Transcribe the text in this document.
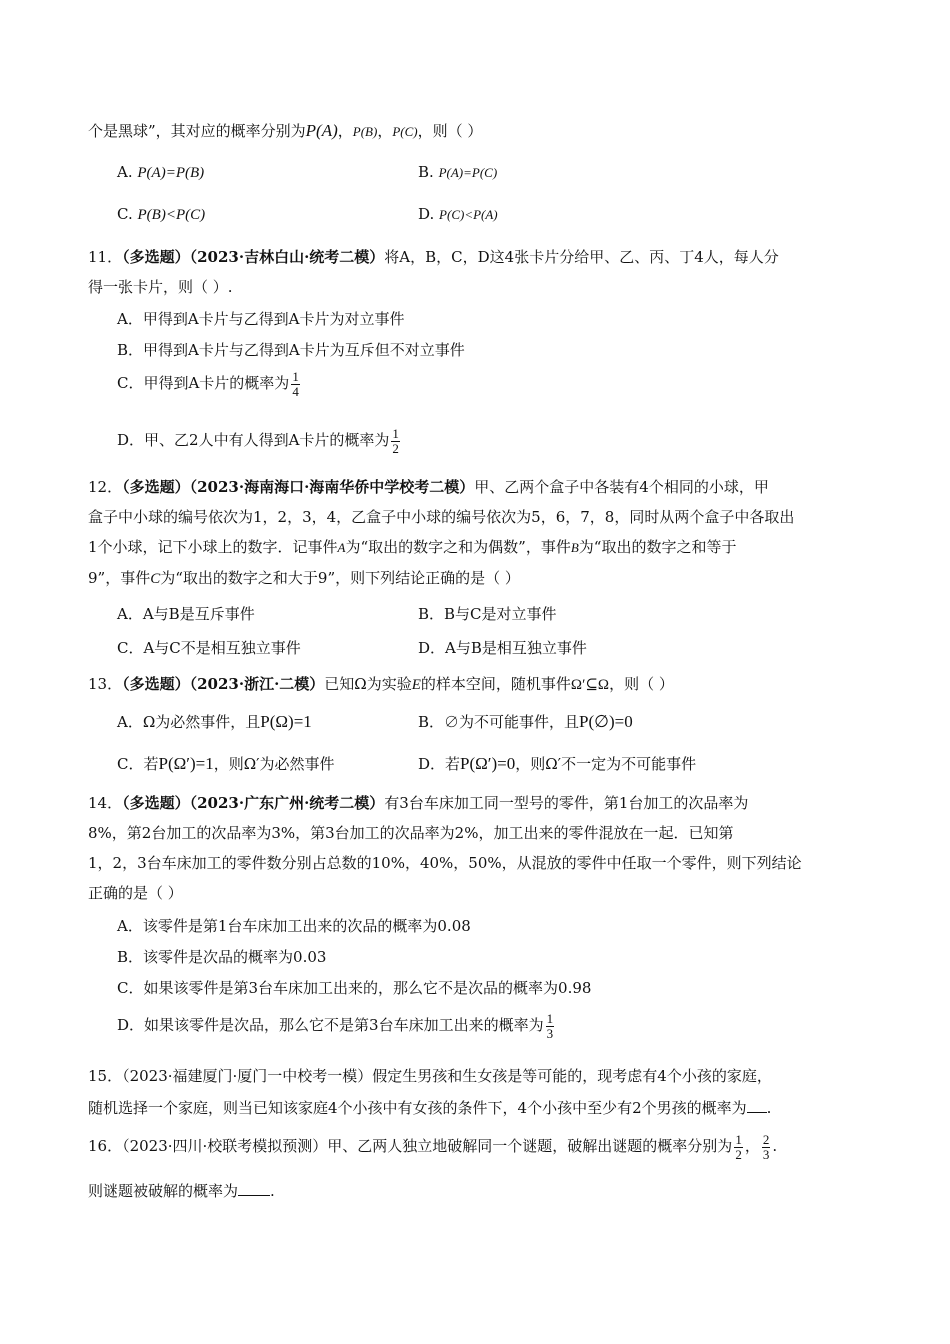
个是黑球”，其对应的概率分别为P(A)，P(B)，P(C)，则（ ）
A. P(A)=P(B)	B. P(A)=P(C)
C. P(B)<P(C)	D. P(C)<P(A)
11．（多选题）（2023·吉林白山·统考二模）将A，B，C，D这4张卡片分给甲、乙、丙、丁4人，每人分
得一张卡片，则（ ）.
A．甲得到A卡片与乙得到A卡片为对立事件
B．甲得到A卡片与乙得到A卡片为互斥但不对立事件
C．甲得到A卡片的概率为 $\frac{1}{4}$
D．甲、乙2人中有人得到A卡片的概率为 $\frac{1}{2}$
12．（多选题）（2023·海南海口·海南华侨中学校考二模）甲、乙两个盒子中各装有4个相同的小球，甲
盒子中小球的编号依次为1，2，3，4，乙盒子中小球的编号依次为5，6，7，8，同时从两个盒子中各取出
1个小球，记下小球上的数字．记事件A为“取出的数字之和为偶数”，事件B为“取出的数字之和等于
9”，事件C为“取出的数字之和大于9”，则下列结论正确的是（ ）
A．A与B是互斥事件	B．B与C是对立事件
C．A与C不是相互独立事件	D．A与B是相互独立事件
13．（多选题）（2023·浙江·二模）已知Ω为实验E的样本空间，随机事件Ω′⊆Ω，则（ ）
A．Ω为必然事件，且P(Ω)=1	B．∅为不可能事件，且P(∅)=0
C．若P(Ω′)=1，则Ω′为必然事件	D．若P(Ω′)=0，则Ω′不一定为不可能事件
14．（多选题）（2023·广东广州·统考二模）有3台车床加工同一型号的零件，第1台加工的次品率为
8%，第2台加工的次品率为3%，第3台加工的次品率为2%，加工出来的零件混放在一起．已知第
1，2，3台车床加工的零件数分别占总数的10%，40%，50%，从混放的零件中任取一个零件，则下列结论
正确的是（ ）
A．该零件是第1台车床加工出来的次品的概率为0.08
B．该零件是次品的概率为0.03
C．如果该零件是第3台车床加工出来的，那么它不是次品的概率为0.98
D．如果该零件是次品，那么它不是第3台车床加工出来的概率为 $\frac{1}{3}$
15．（2023·福建厦门·厦门一中校考一模）假定生男孩和生女孩是等可能的，现考虑有4个小孩的家庭，
随机选择一个家庭，则当已知该家庭4个小孩中有女孩的条件下，4个小孩中至少有2个男孩的概率为 .
16．（2023·四川·校联考模拟预测）甲、乙两人独立地破解同一个谜题，破解出谜题的概率分别为 $\frac{1}{2}$ ， $\frac{2}{3}$ .
则谜题被破解的概率为 .
